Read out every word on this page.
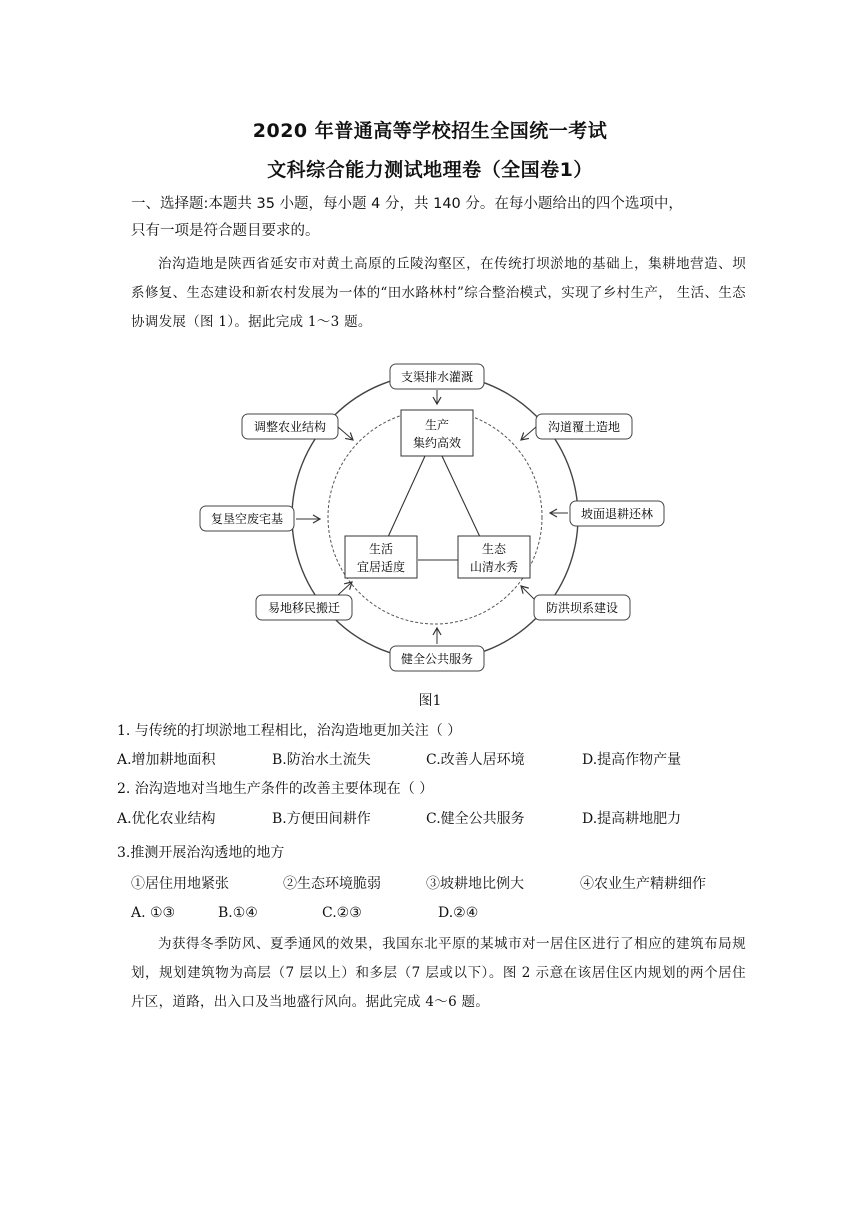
2020 年普通高等学校招生全国统一考试
文科综合能力测试地理卷（全国卷1）
一、选择题:本题共 35 小题，每小题 4 分，共 140 分。在每小题给出的四个选项中，
只有一项是符合题目要求的。
治沟造地是陕西省延安市对黄土高原的丘陵沟壑区，在传统打坝淤地的基础上，集耕地营造、坝系修复、生态建设和新农村发展为一体的“田水路林村”综合整治模式，实现了乡村生产， 生活、生态协调发展（图 1）。据此完成 1～3 题。
生产
集约高效
生活
宜居适度
生态
山清水秀
支渠排水灌溉
调整农业结构	沟道覆土造地
复垦空废宅基	坡面退耕还林
易地移民搬迁	防洪坝系建设
健全公共服务
图1
1. 与传统的打坝淤地工程相比，治沟造地更加关注（ ）
A.增加耕地面积	B.防治水土流失	C.改善人居环境	D.提高作物产量
2. 治沟造地对当地生产条件的改善主要体现在（ ）
A.优化农业结构	B.方便田间耕作	C.健全公共服务	D.提高耕地肥力
3.推测开展治沟透地的地方
①居住用地紧张	②生态环境脆弱	③坡耕地比例大	④农业生产精耕细作
A. ①③	B.①④	C.②③	D.②④
为获得冬季防风、夏季通风的效果，我国东北平原的某城市对一居住区进行了相应的建筑布局规划，规划建筑物为高层（7 层以上）和多层（7 层或以下）。图 2 示意在该居住区内规划的两个居住片区，道路，出入口及当地盛行风向。据此完成 4～6 题。
